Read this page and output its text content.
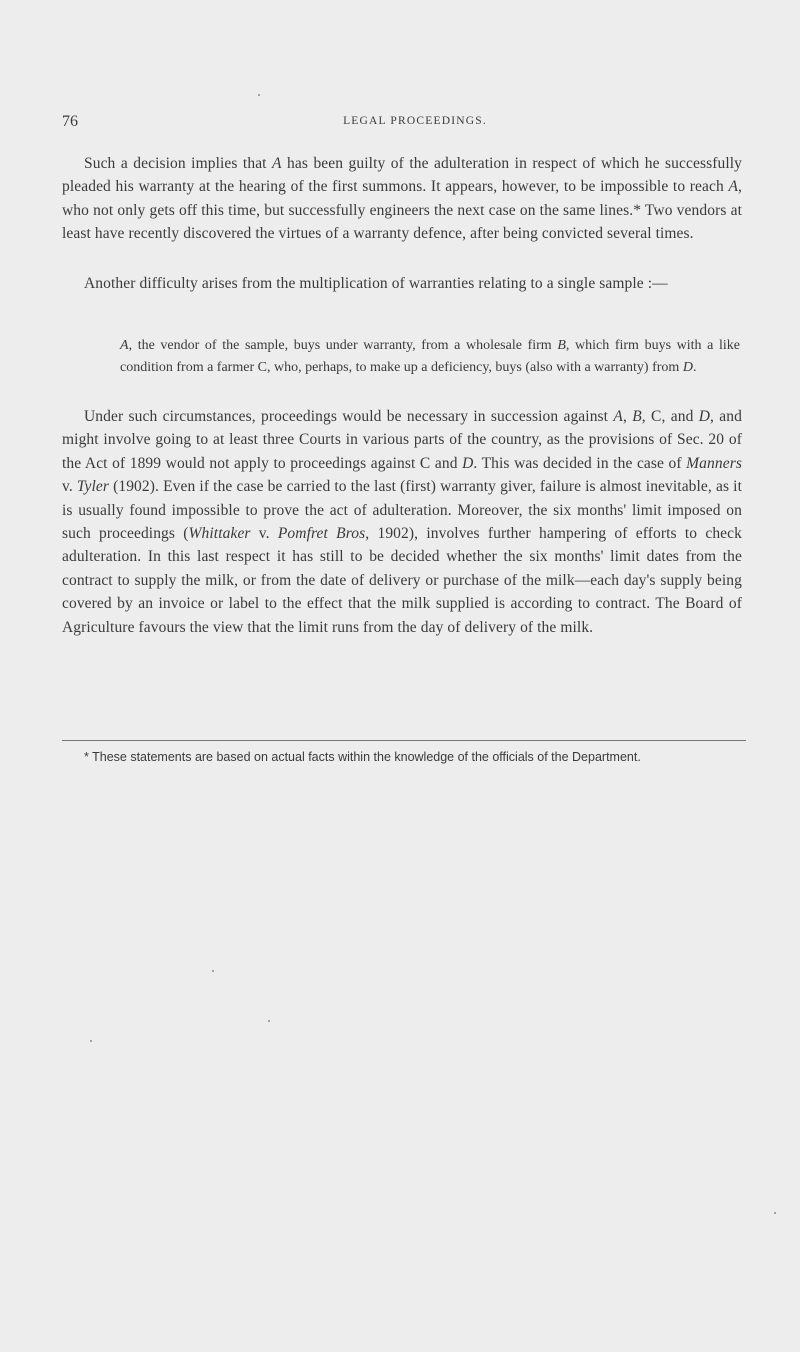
76	LEGAL PROCEEDINGS.

Such a decision implies that A has been guilty of the adulteration in respect of which he successfully pleaded his warranty at the hearing of the first summons. It appears, however, to be impossible to reach A, who not only gets off this time, but successfully engineers the next case on the same lines.* Two vendors at least have recently discovered the virtues of a warranty defence, after being convicted several times.

Another difficulty arises from the multiplication of warranties relating to a single sample :—

A, the vendor of the sample, buys under warranty, from a wholesale firm B, which firm buys with a like condition from a farmer C, who, perhaps, to make up a deficiency, buys (also with a warranty) from D.

Under such circumstances, proceedings would be necessary in succession against A, B, C, and D, and might involve going to at least three Courts in various parts of the country, as the provisions of Sec. 20 of the Act of 1899 would not apply to proceedings against C and D. This was decided in the case of Manners v. Tyler (1902). Even if the case be carried to the last (first) warranty giver, failure is almost inevitable, as it is usually found impossible to prove the act of adulteration. Moreover, the six months' limit imposed on such proceedings (Whittaker v. Pomfret Bros, 1902), involves further hampering of efforts to check adulteration. In this last respect it has still to be decided whether the six months' limit dates from the contract to supply the milk, or from the date of delivery or purchase of the milk—each day's supply being covered by an invoice or label to the effect that the milk supplied is according to contract. The Board of Agriculture favours the view that the limit runs from the day of delivery of the milk.

* These statements are based on actual facts within the knowledge of the officials of the Department.
